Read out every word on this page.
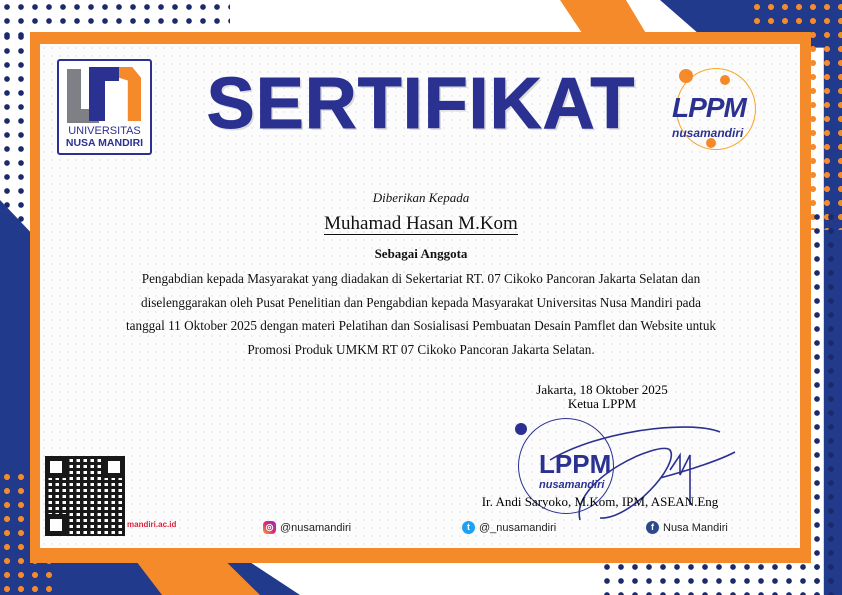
UNIVERSITAS
NUSA MANDIRI SERTIFIKAT	LPPM
nusamandiri
Diberikan Kepada
Muhamad Hasan M.Kom
Sebagai Anggota
Pengabdian kepada Masyarakat yang diadakan di Sekertariat RT. 07 Cikoko Pancoran Jakarta Selatan dan diselenggarakan oleh Pusat Penelitian dan Pengabdian kepada Masyarakat Universitas Nusa Mandiri pada tanggal 11 Oktober 2025 dengan materi Pelatihan dan Sosialisasi Pembuatan Desain Pamflet dan Website untuk Promosi Produk UMKM RT 07 Cikoko Pancoran Jakarta Selatan.
Jakarta, 18 Oktober 2025
Ketua LPPM
LPPM
nusamandiri
Ir. Andi Saryoko, M.Kom, IPM, ASEAN.Eng
mandiri.ac.id	◎ @nusamandiri	t @_nusamandiri	f Nusa Mandiri
